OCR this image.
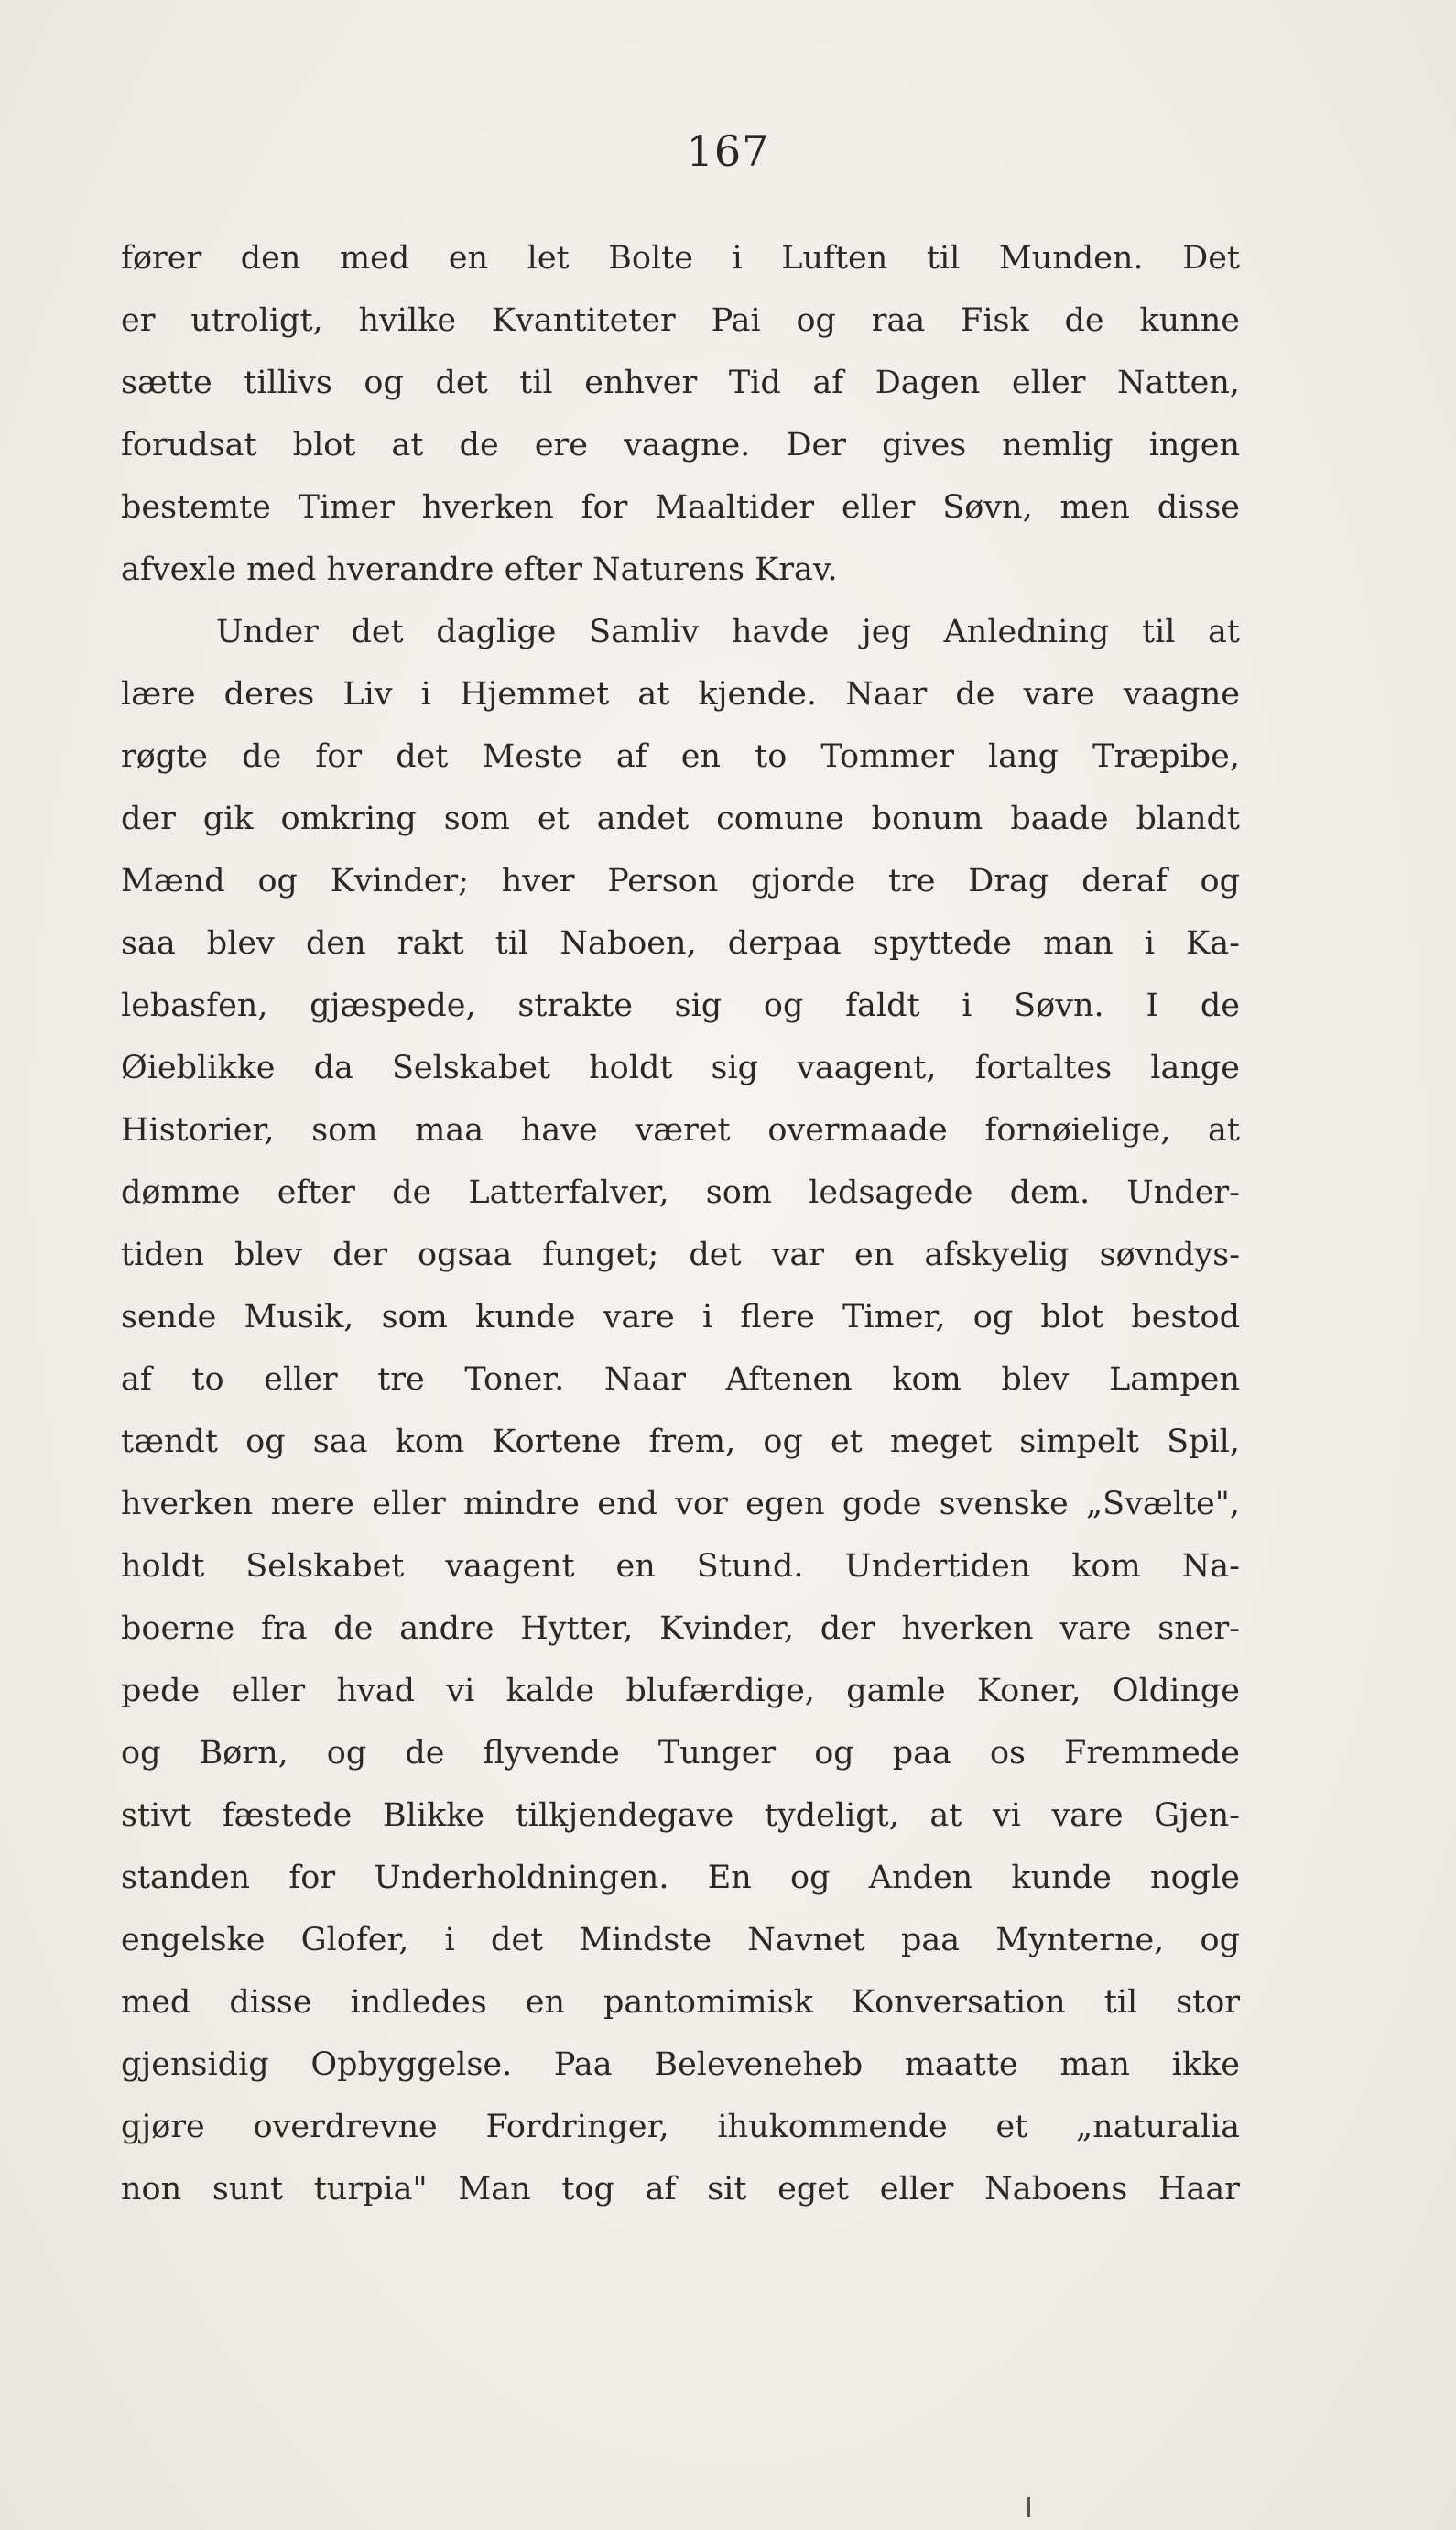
167
fører den med en let Bolte i Luften til Munden. Det
er utroligt, hvilke Kvantiteter Pai og raa Fisk de kunne
sætte tillivs og det til enhver Tid af Dagen eller Natten,
forudsat blot at de ere vaagne. Der gives nemlig ingen
bestemte Timer hverken for Maaltider eller Søvn, men disse
afvexle med hverandre efter Naturens Krav.
Under det daglige Samliv havde jeg Anledning til at
lære deres Liv i Hjemmet at kjende. Naar de vare vaagne
røgte de for det Meste af en to Tommer lang Træpibe,
der gik omkring som et andet comune bonum baade blandt
Mænd og Kvinder; hver Person gjorde tre Drag deraf og
saa blev den rakt til Naboen, derpaa spyttede man i Ka-
lebasfen, gjæspede, strakte sig og faldt i Søvn. I de
Øieblikke da Selskabet holdt sig vaagent, fortaltes lange
Historier, som maa have været overmaade fornøielige, at
dømme efter de Latterfalver, som ledsagede dem. Under-
tiden blev der ogsaa funget; det var en afskyelig søvndys-
sende Musik, som kunde vare i flere Timer, og blot bestod
af to eller tre Toner. Naar Aftenen kom blev Lampen
tændt og saa kom Kortene frem, og et meget simpelt Spil,
hverken mere eller mindre end vor egen gode svenske „Svælte",
holdt Selskabet vaagent en Stund. Undertiden kom Na-
boerne fra de andre Hytter, Kvinder, der hverken vare sner-
pede eller hvad vi kalde blufærdige, gamle Koner, Oldinge
og Børn, og de flyvende Tunger og paa os Fremmede
stivt fæstede Blikke tilkjendegave tydeligt, at vi vare Gjen-
standen for Underholdningen. En og Anden kunde nogle
engelske Glofer, i det Mindste Navnet paa Mynterne, og
med disse indledes en pantomimisk Konversation til stor
gjensidig Opbyggelse. Paa Beleveneheb maatte man ikke
gjøre overdrevne Fordringer, ihukommende et „naturalia
non sunt turpia" Man tog af sit eget eller Naboens Haar
